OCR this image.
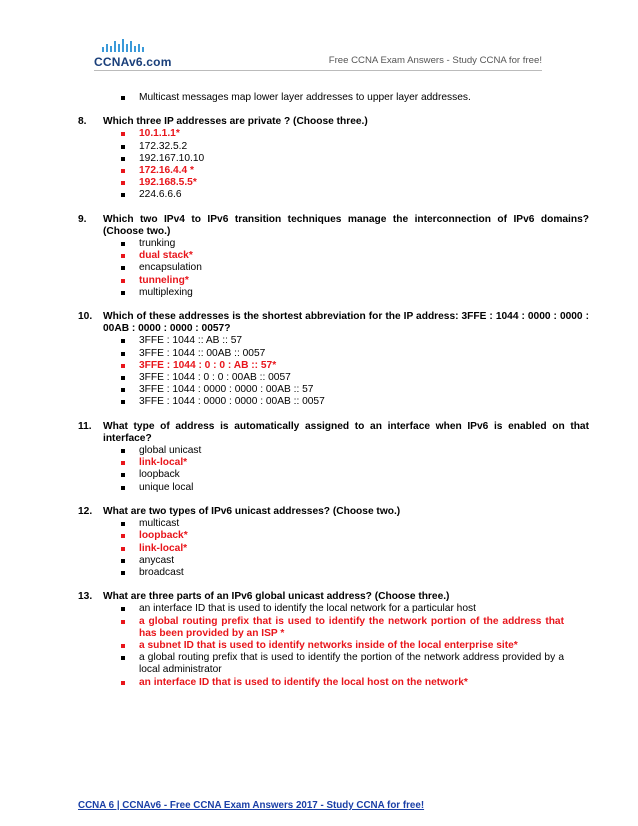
CCNAv6.com	Free CCNA Exam Answers - Study CCNA for free!
Multicast messages map lower layer addresses to upper layer addresses.
8. Which three IP addresses are private ? (Choose three.)
10.1.1.1*
172.32.5.2
192.167.10.10
172.16.4.4 *
192.168.5.5*
224.6.6.6
9. Which two IPv4 to IPv6 transition techniques manage the interconnection of IPv6 domains? (Choose two.)
trunking
dual stack*
encapsulation
tunneling*
multiplexing
10. Which of these addresses is the shortest abbreviation for the IP address: 3FFE : 1044 : 0000 : 0000 : 00AB : 0000 : 0000 : 0057?
3FFE : 1044 :: AB :: 57
3FFE : 1044 :: 00AB :: 0057
3FFE : 1044 : 0 : 0 : AB :: 57*
3FFE : 1044 : 0 : 0 : 00AB :: 0057
3FFE : 1044 : 0000 : 0000 : 00AB :: 57
3FFE : 1044 : 0000 : 0000 : 00AB :: 0057
11. What type of address is automatically assigned to an interface when IPv6 is enabled on that interface?
global unicast
link-local*
loopback
unique local
12. What are two types of IPv6 unicast addresses? (Choose two.)
multicast
loopback*
link-local*
anycast
broadcast
13. What are three parts of an IPv6 global unicast address? (Choose three.)
an interface ID that is used to identify the local network for a particular host
a global routing prefix that is used to identify the network portion of the address that has been provided by an ISP *
a subnet ID that is used to identify networks inside of the local enterprise site*
a global routing prefix that is used to identify the portion of the network address provided by a local administrator
an interface ID that is used to identify the local host on the network*
CCNA 6 | CCNAv6 - Free CCNA Exam Answers 2017 - Study CCNA for free!
